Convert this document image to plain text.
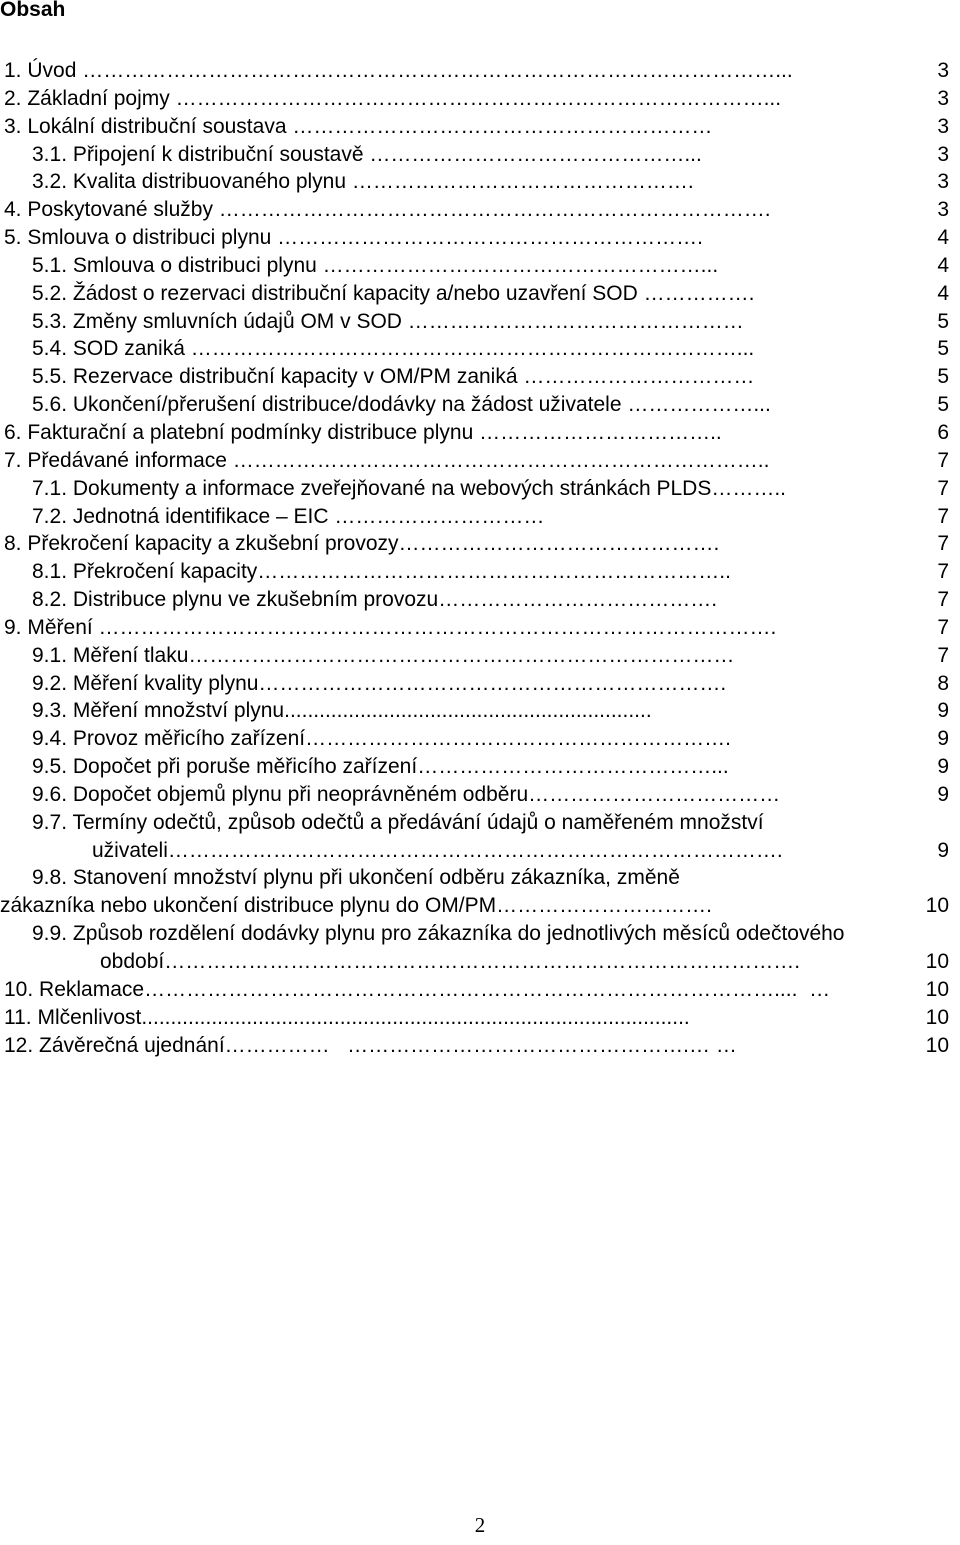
Obsah
1. Úvod ………………………………………………………………………………………...	3
2. Základní pojmy …………………………………………………………………………...	3
3. Lokální distribuční soustava ……………………………………………………	3
3.1. Připojení k distribuční soustavě ………………………………………...	3
3.2. Kvalita distribuovaného plynu ………………………………………….	3
4. Poskytované služby …………………………………………………………………….	3
5. Smlouva o distribuci plynu …………………………………………………….	4
5.1. Smlouva o distribuci plynu ………………………………………………...	4
5.2. Žádost o rezervaci distribuční kapacity a/nebo uzavření SOD …………….	4
5.3. Změny smluvních údajů OM v SOD …………………………………………	5
5.4. SOD zaniká ……………………………………………………………………...	5
5.5. Rezervace distribuční kapacity v OM/PM zaniká ……………………………	5
5.6. Ukončení/přerušení distribuce/dodávky na žádost uživatele ………………...	5
6. Fakturační a platební podmínky distribuce plynu ……………………………..	6
7. Předávané informace …………………………………………………………………..	7
7.1. Dokumenty a informace zveřejňované na webových stránkách PLDS………..	7
7.2. Jednotná identifikace – EIC …………………………	7
8. Překročení kapacity a zkušební provozy……………………………………….	7
8.1. Překročení kapacity…………………………………………………………..	7
8.2. Distribuce plynu ve zkušebním provozu………………………………….	7
9. Měření …………………………………………………………………………………….	7
9.1. Měření tlaku……………………………………………………………………	7
9.2. Měření kvality plynu………………………………………………………….	8
9.3. Měření množství plynu...............................................................	9
9.4. Provoz měřicího zařízení…………………………………………………….	9
9.5. Dopočet při poruše měřicího zařízení……………………………………...	9
9.6. Dopočet objemů plynu při neoprávněném odběru………………………………	9
9.7. Termíny odečtů, způsob odečtů a předávání údajů o naměřeném množství
uživateli…………………………………………………………………………….	9
9.8. Stanovení množství plynu při ukončení odběru zákazníka, změně
zákazníka nebo ukončení distribuce plynu do OM/PM………………………….	10
9.9. Způsob rozdělení dodávky plynu pro zákazníka do jednotlivých měsíců odečtového
období……………………………………………………………………………….	10
10. Reklamace………………………………………………………………………………....  …	10
11. Mlčenlivost..............................................................................................	10
12. Závěrečná ujednání……………   ………………………………………….… …	10
2
